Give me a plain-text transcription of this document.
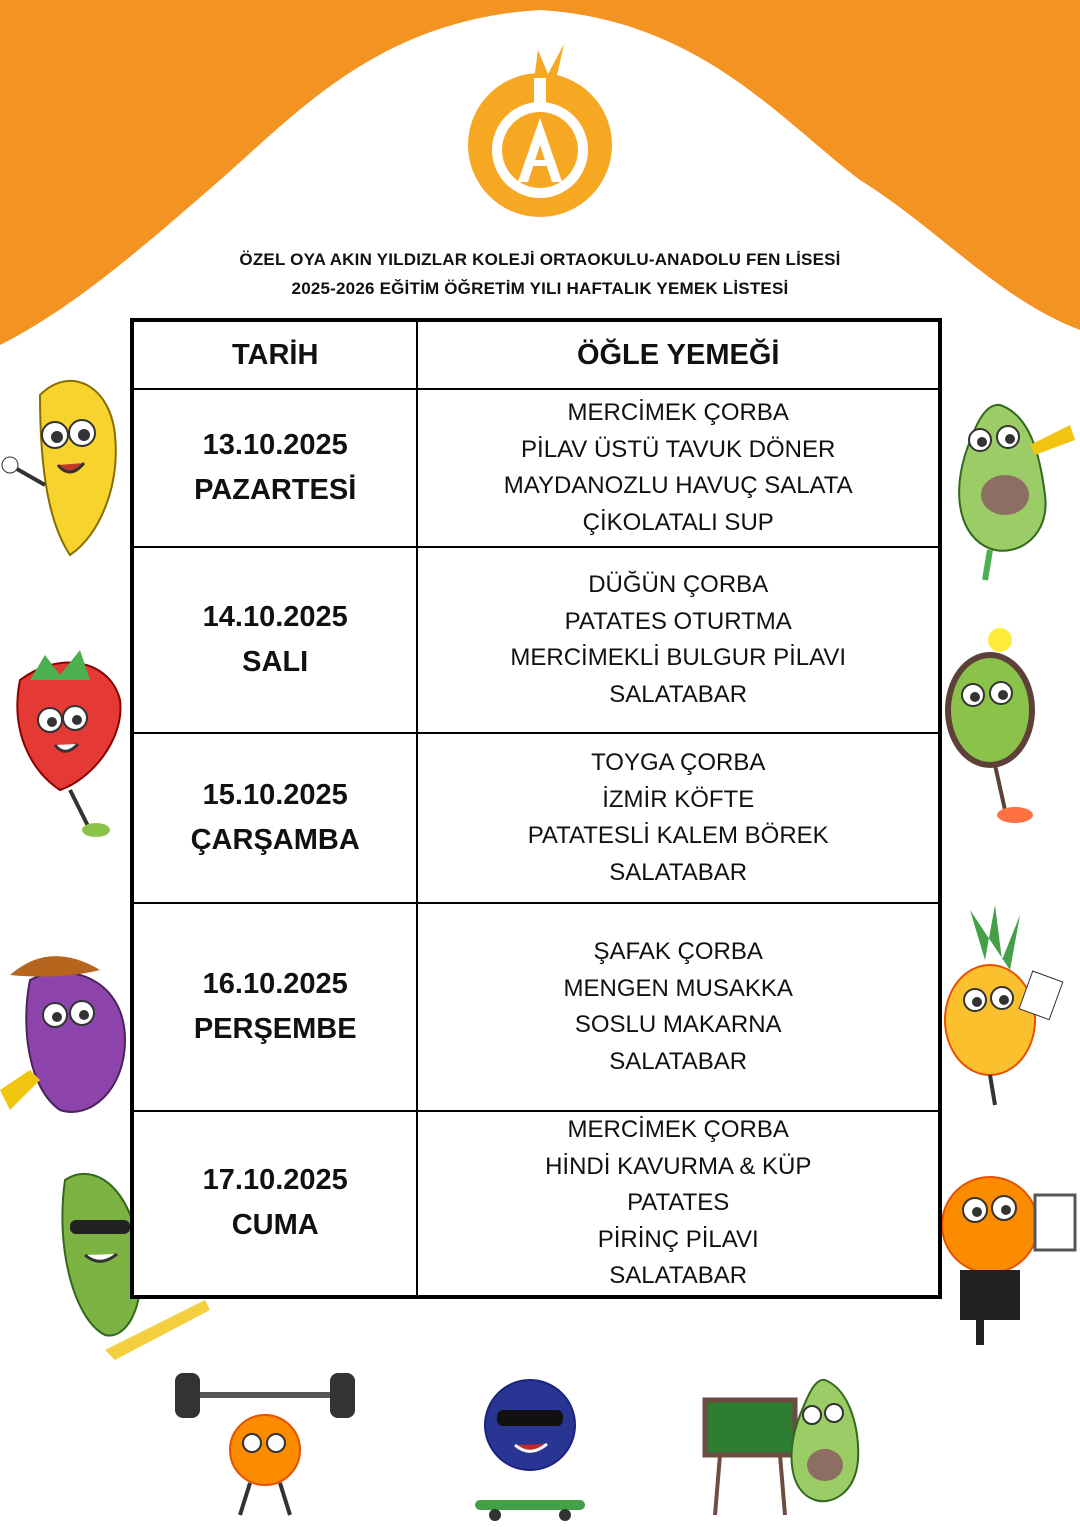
ÖZEL OYA AKIN YILDIZLAR KOLEJİ ORTAOKULU-ANADOLU FEN LİSESİ
2025-2026 EĞİTİM ÖĞRETİM YILI HAFTALIK YEMEK LİSTESİ
TARİH	ÖĞLE YEMEĞİ

13.10.2025
PAZARTESİ	MERCİMEK ÇORBA
PİLAV ÜSTÜ TAVUK DÖNER
MAYDANOZLU HAVUÇ SALATA
ÇİKOLATALI SUP

14.10.2025
SALI	DÜĞÜN ÇORBA
PATATES OTURTMA
MERCİMEKLİ BULGUR PİLAVI
SALATABAR

15.10.2025
ÇARŞAMBA	TOYGA ÇORBA
İZMİR KÖFTE
PATATESLİ KALEM BÖREK
SALATABAR

16.10.2025
PERŞEMBE	ŞAFAK ÇORBA
MENGEN MUSAKKA
SOSLU MAKARNA
SALATABAR

17.10.2025
CUMA	MERCİMEK ÇORBA
HİNDİ KAVURMA & KÜP
PATATES
PİRİNÇ PİLAVI
SALATABAR
